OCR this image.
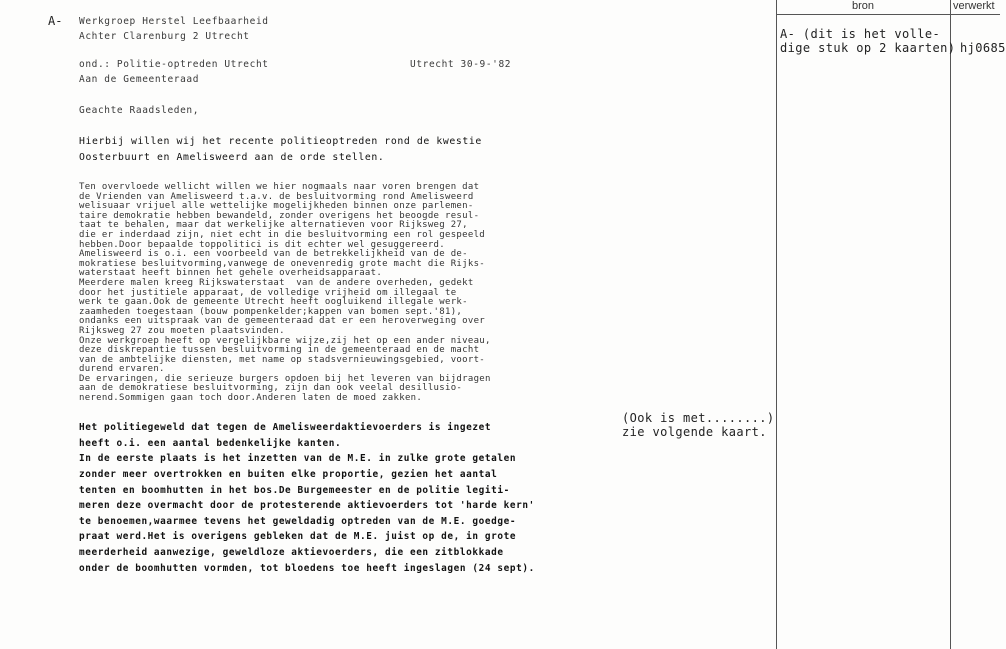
bron	verwerkt
A- (dit is het volle-
dige stuk op 2 kaarten) hj0685
(Ook is met........)
zie volgende kaart.
A- Werkgroep Herstel Leefbaarheid
Achter Clarenburg 2 Utrecht
ond.: Politie-optreden Utrecht	Utrecht 30-9-'82
Aan de Gemeenteraad
Geachte Raadsleden,
Hierbij willen wij het recente politieoptreden rond de kwestie
Oosterbuurt en Amelisweerd aan de orde stellen.
Ten overvloede wellicht willen we hier nogmaals naar voren brengen dat
de Vrienden van Amelisweerd t.a.v. de besluitvorming rond Amelisweerd
welisuaar vrijuel alle wettelijke mogelijkheden binnen onze parlemen-
taire demokratie hebben bewandeld, zonder overigens het beoogde resul-
taat te behalen, maar dat werkelijke alternatieven voor Rijksweg 27,
die er inderdaad zijn, niet echt in die besluitvorming een rol gespeeld
hebben.Door bepaalde toppolitici is dit echter wel gesuggereerd.
Amelisweerd is o.i. een voorbeeld van de betrekkelijkheid van de de-
mokratiese besluitvorming,vanwege de onevenredig grote macht die Rijks-
waterstaat heeft binnen het gehele overheidsapparaat.
Meerdere malen kreeg Rijkswaterstaat  van de andere overheden, gedekt
door het justitiele apparaat, de volledige vrijheid om illegaal te
werk te gaan.Ook de gemeente Utrecht heeft oogluikend illegale werk-
zaamheden toegestaan (bouw pompenkelder;kappen van bomen sept.'81),
ondanks een uitspraak van de gemeenteraad dat er een heroverweging over
Rijksweg 27 zou moeten plaatsvinden.
Onze werkgroep heeft op vergelijkbare wijze,zij het op een ander niveau,
deze diskrepantie tussen besluitvorming in de gemeenteraad en de macht
van de ambtelijke diensten, met name op stadsvernieuwingsgebied, voort-
durend ervaren.
De ervaringen, die serieuze burgers opdoen bij het leveren van bijdragen
aan de demokratiese besluitvorming, zijn dan ook veelal desillusio-
nerend.Sommigen gaan toch door.Anderen laten de moed zakken.
Het politiegeweld dat tegen de Amelisweerdaktievoerders is ingezet
heeft o.i. een aantal bedenkelijke kanten.
In de eerste plaats is het inzetten van de M.E. in zulke grote getalen
zonder meer overtrokken en buiten elke proportie, gezien het aantal
tenten en boomhutten in het bos.De Burgemeester en de politie legiti-
meren deze overmacht door de protesterende aktievoerders tot 'harde kern'
te benoemen,waarmee tevens het geweldadig optreden van de M.E. goedge-
praat werd.Het is overigens gebleken dat de M.E. juist op de, in grote
meerderheid aanwezige, geweldloze aktievoerders, die een zitblokkade
onder de boomhutten vormden, tot bloedens toe heeft ingeslagen (24 sept).
